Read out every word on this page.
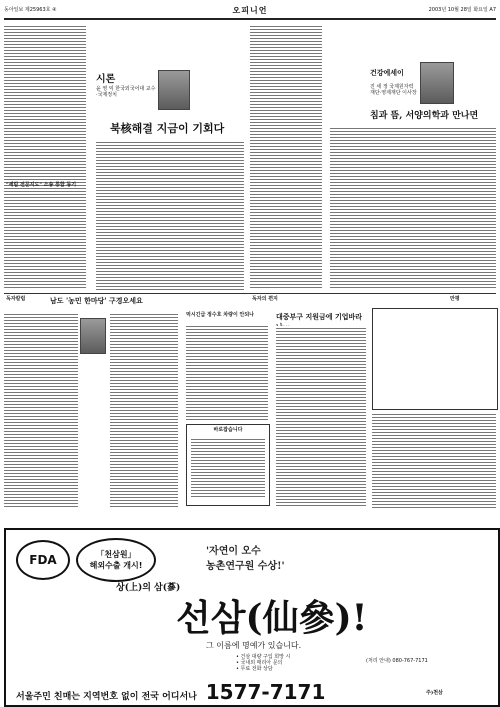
동아일보 제25963호 ④	오피니언	2003년 10월 28일 화요일 A7
"세림 전문지도" 소송 통합 동기
시론
윤 영 익 한국외국어대 교수·국제정치
북核해결 지금이 기회다
건강에세이
진 세 정 국제원자력재단·영제재단 이사장
침과 뜸, 서양의학과 만나면
독자칼럼	남도 '농민 한마당' 구경오세요	독자의 편지
먹시긴급 정수호 차량이 안되나
바로잡습니다
대중부구 지원금에 기업바라
만평
FDA	「천삼원」
해외수출 개시!
'자연이 오수
농촌연구원 수상!'
상(上)의 삼(蔘)
선삼(仙參)!
그 이름에 명예가 있습니다.
• 건삼 대량 구입 희망 시
• 국내외 매리아 문의
• 무료 전화 상담
(처리 안내) 080-767-7171
서울주민 친매는 지역번호 없이 전국 어디서나 1577-7171	주)천삼
